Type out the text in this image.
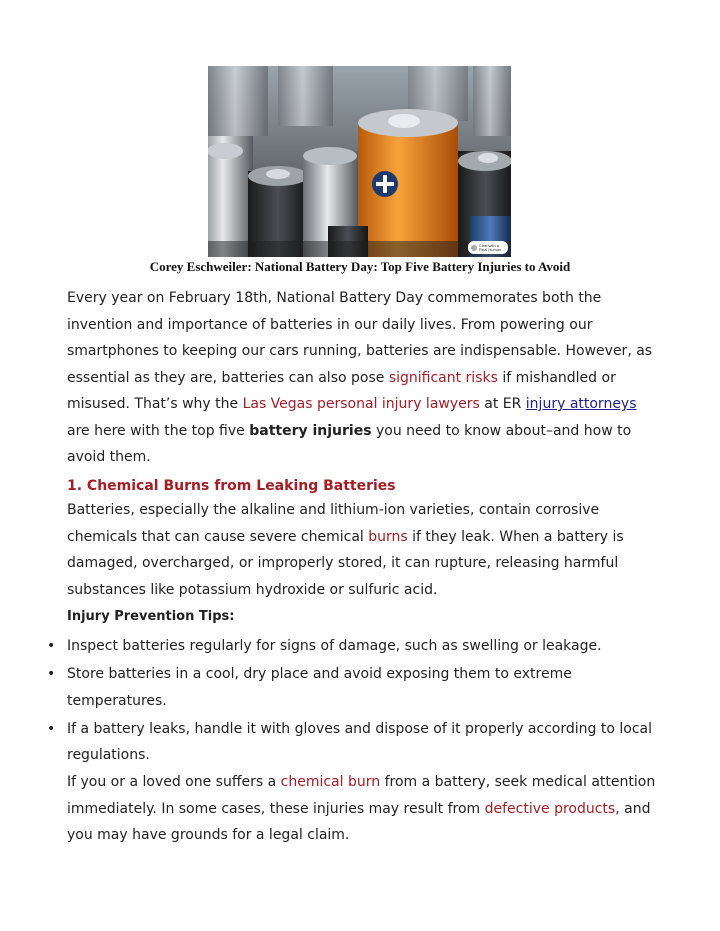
Chat with a Real Human
Corey Eschweiler: National Battery Day: Top Five Battery Injuries to Avoid

Every year on February 18th, National Battery Day commemorates both the invention and importance of batteries in our daily lives. From powering our smartphones to keeping our cars running, batteries are indispensable. However, as essential as they are, batteries can also pose significant risks if mishandled or misused. That’s why the Las Vegas personal injury lawyers at ER injury attorneys are here with the top five battery injuries you need to know about–and how to avoid them.

1. Chemical Burns from Leaking Batteries

Batteries, especially the alkaline and lithium-ion varieties, contain corrosive chemicals that can cause severe chemical burns if they leak. When a battery is damaged, overcharged, or improperly stored, it can rupture, releasing harmful substances like potassium hydroxide or sulfuric acid.

Injury Prevention Tips:
• Inspect batteries regularly for signs of damage, such as swelling or leakage.
• Store batteries in a cool, dry place and avoid exposing them to extreme temperatures.
• If a battery leaks, handle it with gloves and dispose of it properly according to local regulations.

If you or a loved one suffers a chemical burn from a battery, seek medical attention immediately. In some cases, these injuries may result from defective products, and you may have grounds for a legal claim.
